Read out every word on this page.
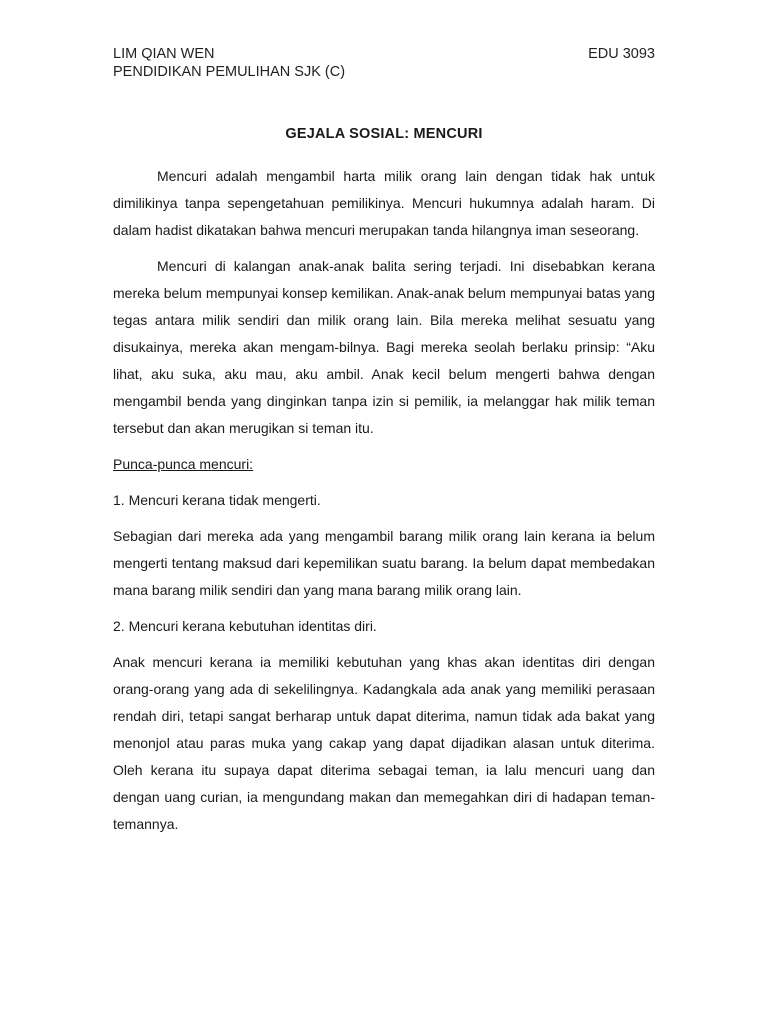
LIM QIAN WEN	EDU 3093
PENDIDIKAN PEMULIHAN SJK (C)
GEJALA SOSIAL: MENCURI

Mencuri adalah mengambil harta milik orang lain dengan tidak hak untuk dimilikinya tanpa sepengetahuan pemilikinya. Mencuri hukumnya adalah haram. Di dalam hadist dikatakan bahwa mencuri merupakan tanda hilangnya iman seseorang.

Mencuri di kalangan anak-anak balita sering terjadi. Ini disebabkan kerana mereka belum mempunyai konsep kemilikan. Anak-anak belum mempunyai batas yang tegas antara milik sendiri dan milik orang lain. Bila mereka melihat sesuatu yang disukainya, mereka akan mengam-bilnya. Bagi mereka seolah berlaku prinsip: “Aku lihat, aku suka, aku mau, aku ambil. Anak kecil belum mengerti bahwa dengan mengambil benda yang dinginkan tanpa izin si pemilik, ia melanggar hak milik teman tersebut dan akan merugikan si teman itu.

Punca-punca mencuri:

1. Mencuri kerana tidak mengerti.

Sebagian dari mereka ada yang mengambil barang milik orang lain kerana ia belum mengerti tentang maksud dari kepemilikan suatu barang. Ia belum dapat membedakan mana barang milik sendiri dan yang mana barang milik orang lain.

2. Mencuri kerana kebutuhan identitas diri.

Anak mencuri kerana ia memiliki kebutuhan yang khas akan identitas diri dengan orang-orang yang ada di sekelilingnya. Kadangkala ada anak yang memiliki perasaan rendah diri, tetapi sangat berharap untuk dapat diterima, namun tidak ada bakat yang menonjol atau paras muka yang cakap yang dapat dijadikan alasan untuk diterima. Oleh kerana itu supaya dapat diterima sebagai teman, ia lalu mencuri uang dan dengan uang curian, ia mengundang makan dan memegahkan diri di hadapan teman-temannya.
